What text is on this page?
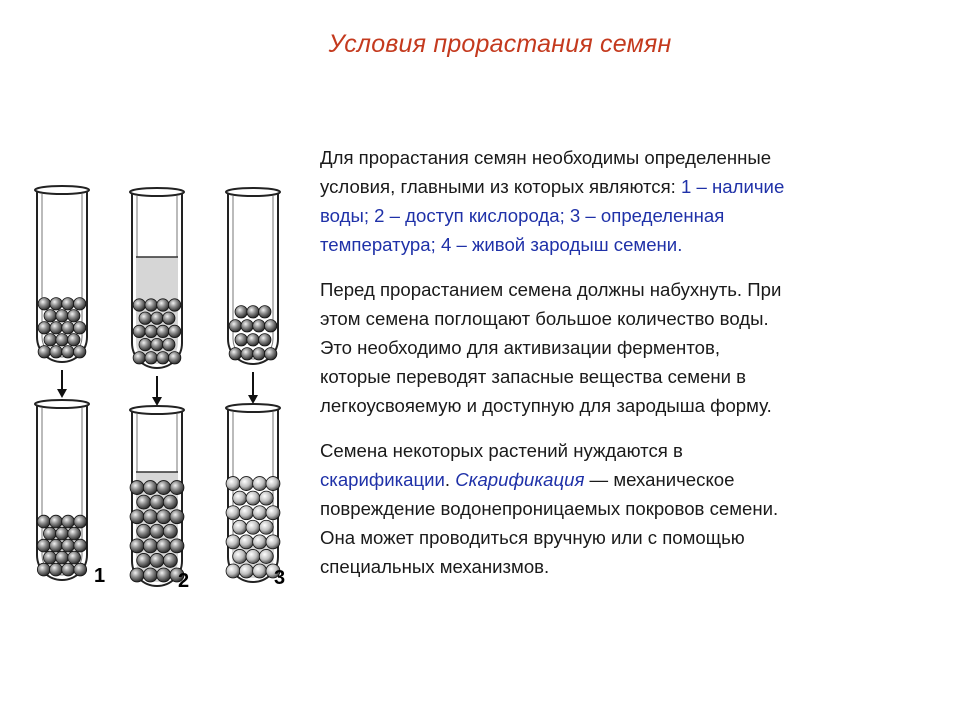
Условия прорастания семян
1	2	3

Для прорастания семян необходимы определенные
условия, главными из которых являются: 1 – наличие
воды; 2 – доступ кислорода; 3 – определенная
температура; 4 – живой зародыш семени.

Перед прорастанием семена должны набухнуть. При
этом семена поглощают большое количество воды.
Это необходимо для активизации ферментов,
которые переводят запасные вещества семени в
легкоусвояемую и доступную для зародыша форму.

Семена некоторых растений нуждаются в
скарификации. Скарификация — механическое
повреждение водонепроницаемых покровов семени.
Она может проводиться вручную или с помощью
специальных механизмов.
